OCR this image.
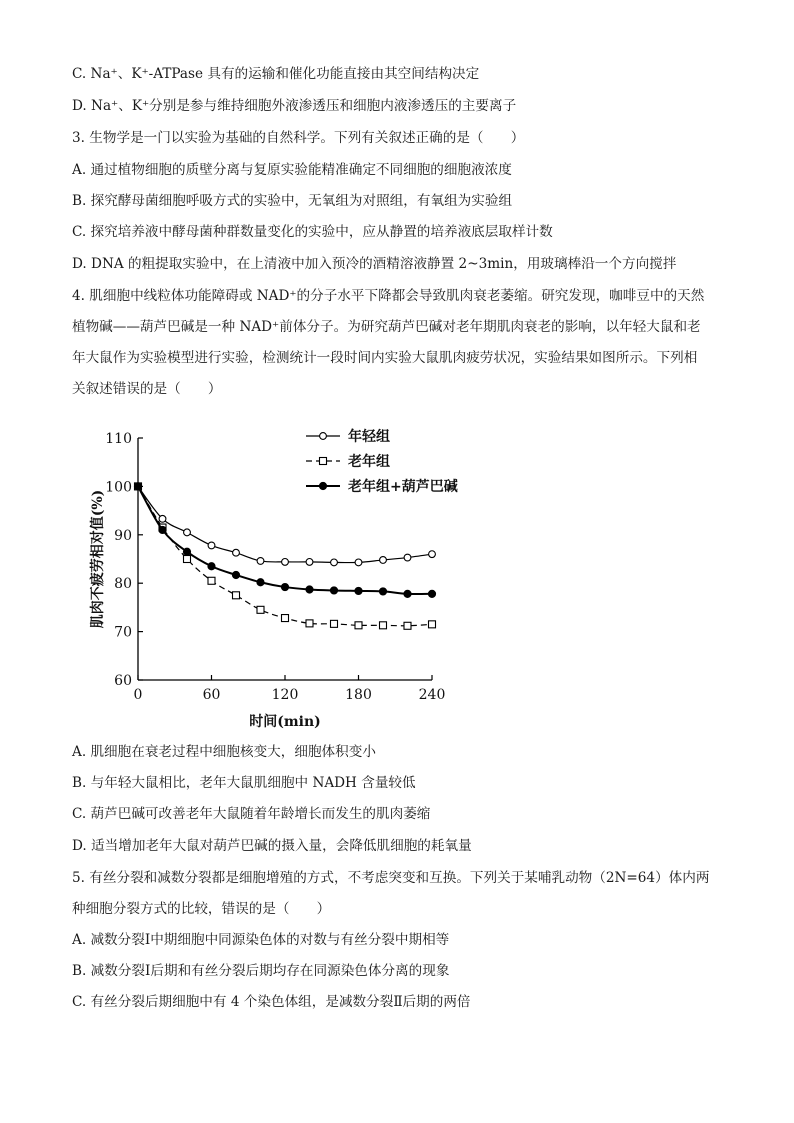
C. Na⁺、K⁺-ATPase 具有的运输和催化功能直接由其空间结构决定
D. Na⁺、K⁺分别是参与维持细胞外液渗透压和细胞内液渗透压的主要离子
3. 生物学是一门以实验为基础的自然科学。下列有关叙述正确的是（　　）
A. 通过植物细胞的质壁分离与复原实验能精准确定不同细胞的细胞液浓度
B. 探究酵母菌细胞呼吸方式的实验中，无氧组为对照组，有氧组为实验组
C. 探究培养液中酵母菌种群数量变化的实验中，应从静置的培养液底层取样计数
D. DNA 的粗提取实验中，在上清液中加入预冷的酒精溶液静置 2~3min，用玻璃棒沿一个方向搅拌
4. 肌细胞中线粒体功能障碍或 NAD⁺的分子水平下降都会导致肌肉衰老萎缩。研究发现，咖啡豆中的天然
植物碱——葫芦巴碱是一种 NAD⁺前体分子。为研究葫芦巴碱对老年期肌肉衰老的影响，以年轻大鼠和老
年大鼠作为实验模型进行实验，检测统计一段时间内实验大鼠肌肉疲劳状况，实验结果如图所示。下列相
关叙述错误的是（　　）
60
70
80
90
100
110
0	60	120	180	240
时间(min)
肌肉不疲劳相对值(%)
年轻组
老年组
老年组+葫芦巴碱
A. 肌细胞在衰老过程中细胞核变大，细胞体积变小
B. 与年轻大鼠相比，老年大鼠肌细胞中 NADH 含量较低
C. 葫芦巴碱可改善老年大鼠随着年龄增长而发生的肌肉萎缩
D. 适当增加老年大鼠对葫芦巴碱的摄入量，会降低肌细胞的耗氧量
5. 有丝分裂和减数分裂都是细胞增殖的方式，不考虑突变和互换。下列关于某哺乳动物（2N=64）体内两
种细胞分裂方式的比较，错误的是（　　）
A. 减数分裂Ⅰ中期细胞中同源染色体的对数与有丝分裂中期相等
B. 减数分裂Ⅰ后期和有丝分裂后期均存在同源染色体分离的现象
C. 有丝分裂后期细胞中有 4 个染色体组，是减数分裂Ⅱ后期的两倍
